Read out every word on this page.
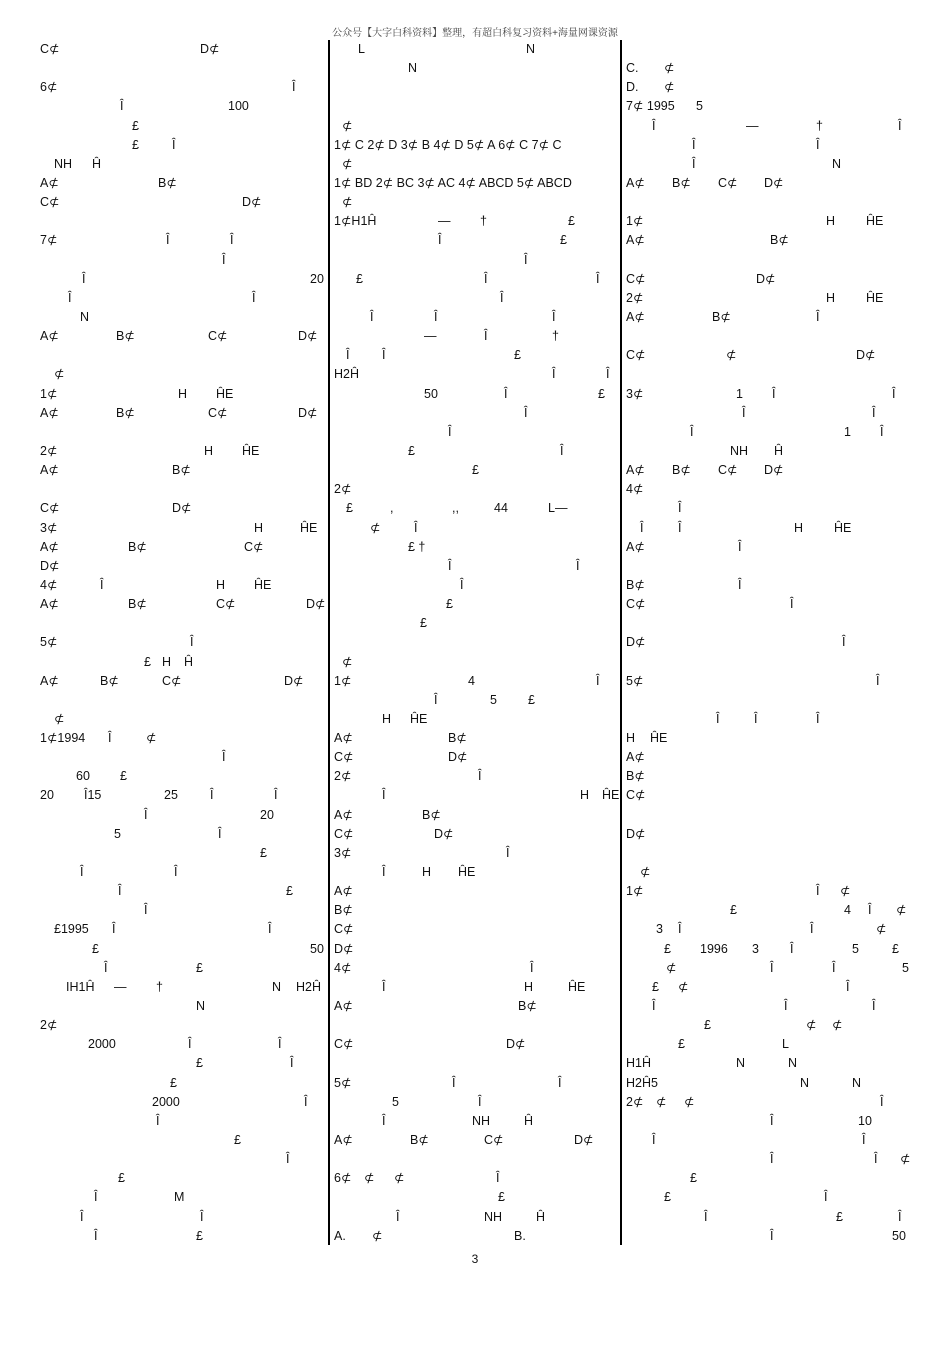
公众号【大字白科资料】整理，有超白科复习资料+海量网课资源
C⊄	D⊄
6⊄	Î
Î	100
£
£	Î
NH Ĥ
A⊄	B⊄
C⊄	D⊄
7⊄	Î	Î
Î
Î	20
Î	Î
N
A⊄	B⊄	C⊄	D⊄
⊄
1⊄	H ĤE
A⊄	B⊄	C⊄	D⊄
2⊄	H ĤE
A⊄	B⊄
C⊄	D⊄
3⊄	H	ĤE
A⊄	B⊄	C⊄
D⊄
4⊄	Î	H ĤE
A⊄	B⊄	C⊄	D⊄
5⊄	Î
£ H Ĥ
A⊄	B⊄	C⊄	D⊄
⊄
1⊄1994 Î	⊄
Î
60 £
20 Î15	25	Î	Î
Î	20
5	Î
£
Î	Î
Î	£
Î
£1995 Î	Î
£	50
Î	£
IH1Ĥ — †	N H2Ĥ
N
2⊄
2000	Î	Î
£	Î
£
2000	Î
Î
£
Î
£
Î	M
Î	Î
Î	£
L	N
N
⊄
1⊄ C 2⊄ D 3⊄ B 4⊄ D 5⊄ A 6⊄ C 7⊄ C
⊄
1⊄ BD 2⊄ BC 3⊄ AC 4⊄ ABCD 5⊄ ABCD
⊄
1⊄H1Ĥ	— †	£
Î	£
Î
£	Î	Î
Î
Î	Î	Î
—	Î	†
Î	Î	£
H2Ĥ	Î	Î
50	Î	£
Î
Î
£	Î
£
2⊄
£	,	,,	44	L—
⊄	Î
£ †
Î	Î
Î
£
£
⊄
1⊄	4	Î
Î	5 £
H ĤE
A⊄	B⊄
C⊄	D⊄
2⊄	Î
Î	H ĤE
A⊄	B⊄
C⊄	D⊄
3⊄	Î
Î	H ĤE
A⊄
B⊄
C⊄
D⊄
4⊄	Î
Î	H	ĤE
A⊄	B⊄
C⊄	D⊄
5⊄	Î	Î
5	Î
Î	NH	Ĥ
A⊄	B⊄	C⊄	D⊄
6⊄ ⊄ ⊄	Î
£
Î	NH	Ĥ
A. ⊄	B.
C. ⊄
D. ⊄
7⊄ 1995 5
Î	—	†	Î
Î	Î
Î	N
A⊄ B⊄ C⊄ D⊄
1⊄	H ĤE
A⊄	B⊄
C⊄	D⊄
2⊄	H ĤE
A⊄	B⊄	Î
C⊄	⊄	D⊄
3⊄	1 Î	Î
Î	Î
Î	1 Î
NH Ĥ
A⊄ B⊄ C⊄ D⊄
4⊄
Î
Î	Î	H ĤE
A⊄	Î
B⊄	Î
C⊄	Î
D⊄	Î
5⊄	Î
Î	Î	Î
H ĤE
A⊄
B⊄
C⊄
D⊄
⊄
1⊄	Î ⊄
£	4 Î ⊄
3 Î	Î	⊄
£ 1996 3 Î	5	£
⊄	Î	Î	5
£ ⊄	Î
Î	Î	Î
£	⊄ ⊄
£	L
H1Ĥ	N	N
H2Ĥ5	N	N
2⊄ ⊄ ⊄	Î
Î	10
Î	Î
Î	Î ⊄
£
£	Î
Î	£	Î
Î	50
3
